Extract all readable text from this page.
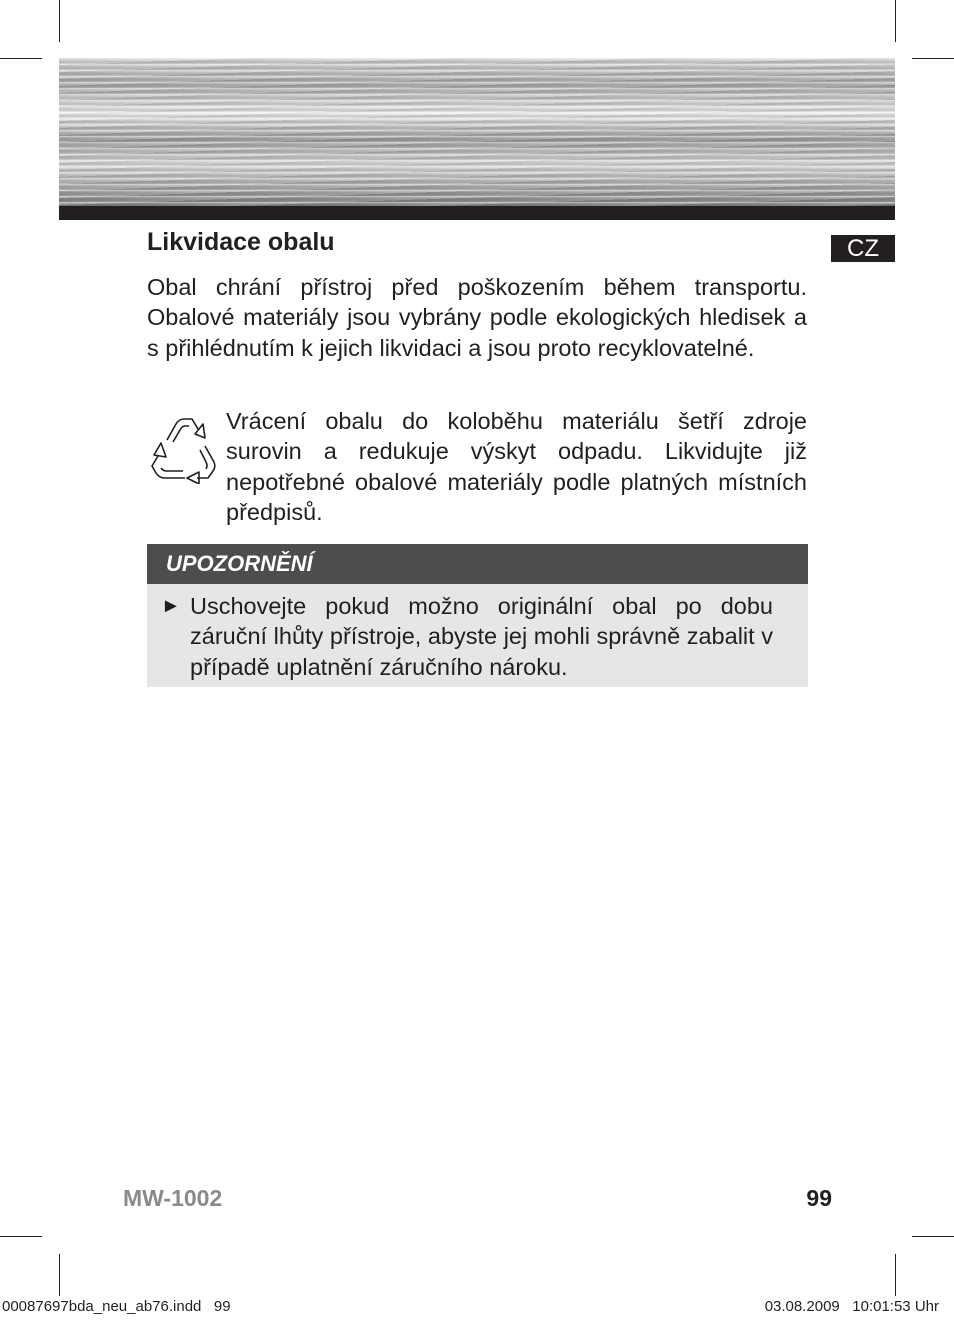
CZ
Likvidace obalu

Obal chrání přístroj před poškozením během transportu. Obalové materiály jsou vybrány podle ekologických hledisek a s přihlédnutím k jejich likvidaci a jsou proto recyklovatelné.

Vrácení obalu do koloběhu materiálu šetří zdroje surovin a redukuje výskyt odpadu. Likvidujte již nepotřebné obalové materiály podle platných místních předpisů.

UPOZORNĚNÍ
► Uschovejte pokud možno originální obal po dobu záruční lhůty přístroje, abyste jej mohli správně zabalit v případě uplatnění záručního nároku.

MW-1002	99
00087697bda_neu_ab76.indd   99	03.08.2009   10:01:53 Uhr
